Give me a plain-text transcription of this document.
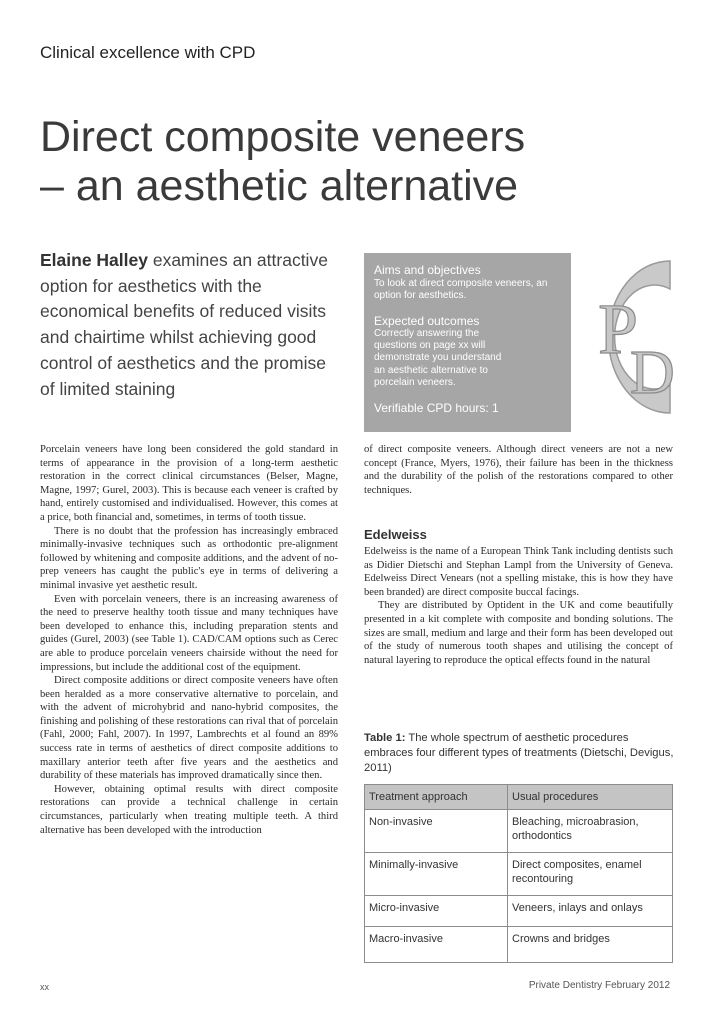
Clinical excellence with CPD
Direct composite veneers
– an aesthetic alternative
Elaine Halley examines an attractive option for aesthetics with the economical benefits of reduced visits and chairtime whilst achieving good control of aesthetics and the promise of limited staining
Aims and objectives
To look at direct composite veneers, an option for aesthetics.
Expected outcomes
Correctly answering the questions on page xx will demonstrate you understand an aesthetic alternative to porcelain veneers.
Verifiable CPD hours: 1
P
D

Porcelain veneers have long been considered the gold standard in terms of appearance in the provision of a long-term aesthetic restoration in the correct clinical circumstances (Belser, Magne, Magne, 1997; Gurel, 2003). This is because each veneer is crafted by hand, entirely customised and individualised. However, this comes at a price, both financial and, sometimes, in terms of tooth tissue.

There is no doubt that the profession has increasingly embraced minimally-invasive techniques such as orthodontic pre-alignment followed by whitening and composite additions, and the advent of no-prep veneers has caught the public's eye in terms of delivering a minimal invasive yet aesthetic result.

Even with porcelain veneers, there is an increasing awareness of the need to preserve healthy tooth tissue and many techniques have been developed to enhance this, including preparation stents and guides (Gurel, 2003) (see Table 1). CAD/CAM options such as Cerec are able to produce porcelain veneers chairside without the need for impressions, but include the additional cost of the equipment.

Direct composite additions or direct composite veneers have often been heralded as a more conservative alternative to porcelain, and with the advent of microhybrid and nano-hybrid composites, the finishing and polishing of these restorations can rival that of porcelain (Fahl, 2000; Fahl, 2007). In 1997, Lambrechts et al found an 89% success rate in terms of aesthetics of direct composite additions to maxillary anterior teeth after five years and the aesthetics and durability of these materials has improved dramatically since then.

However, obtaining optimal results with direct composite restorations can provide a technical challenge in certain circumstances, particularly when treating multiple teeth. A third alternative has been developed with the introduction

of direct composite veneers. Although direct veneers are not a new concept (France, Myers, 1976), their failure has been in the thickness and the durability of the polish of the restorations compared to other techniques.

Edelweiss

Edelweiss is the name of a European Think Tank including dentists such as Didier Dietschi and Stephan Lampl from the University of Geneva. Edelweiss Direct Venears (not a spelling mistake, this is how they have been branded) are direct composite buccal facings.

They are distributed by Optident in the UK and come beautifully presented in a kit complete with composite and bonding solutions. The sizes are small, medium and large and their form has been developed out of the study of numerous tooth shapes and utilising the concept of natural layering to reproduce the optical effects found in the natural

Table 1: The whole spectrum of aesthetic procedures embraces four different types of treatments (Dietschi, Devigus, 2011)
Treatment approach	Usual procedures
Non-invasive	Bleaching, microabrasion, orthodontics
Minimally-invasive	Direct composites, enamel recontouring
Micro-invasive	Veneers, inlays and onlays
Macro-invasive	Crowns and bridges
xx	Private Dentistry February 2012
